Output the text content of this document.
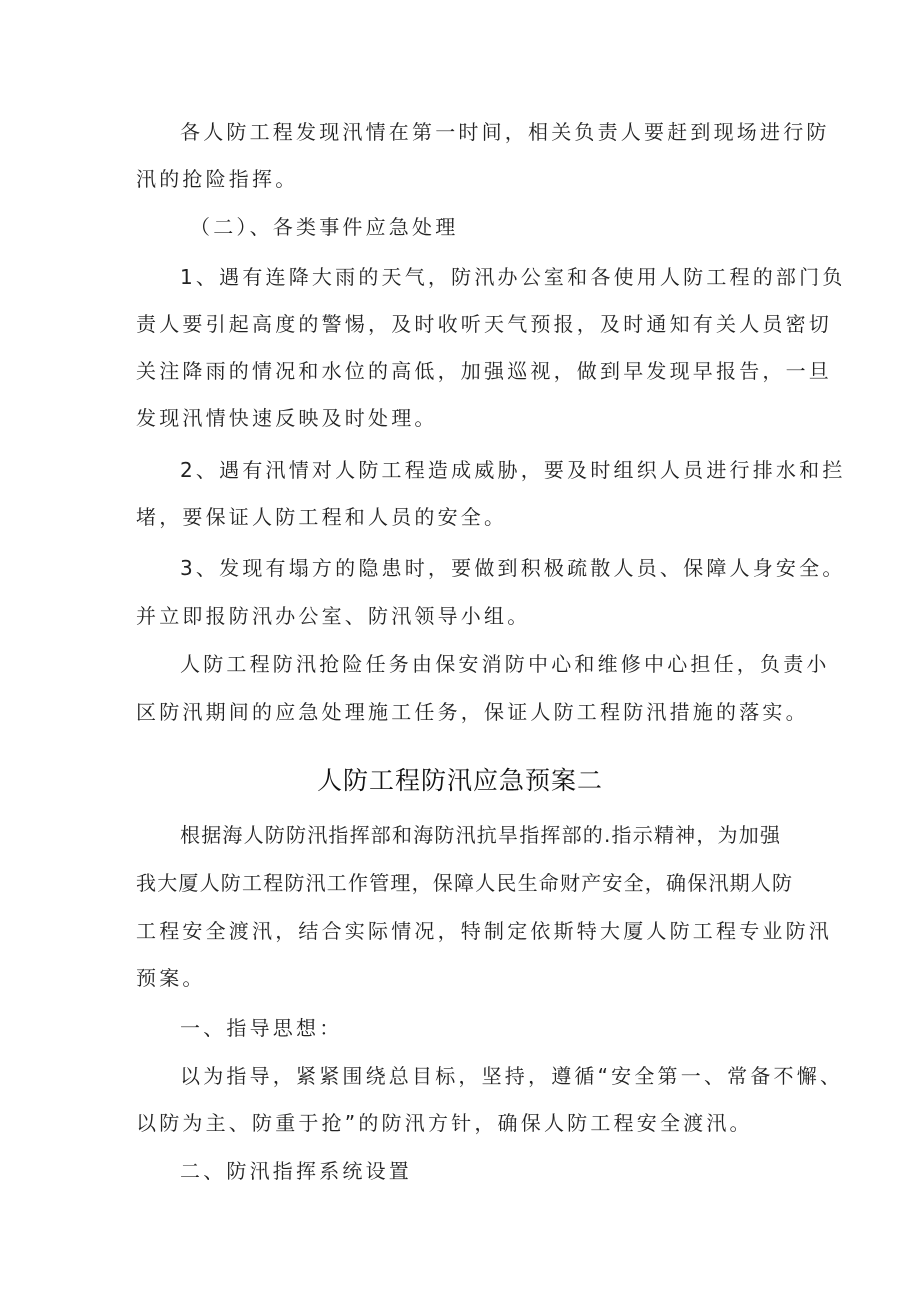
各人防工程发现汛情在第一时间，相关负责人要赶到现场进行防
汛的抢险指挥。
（二）、各类事件应急处理
1、遇有连降大雨的天气，防汛办公室和各使用人防工程的部门负
责人要引起高度的警惕，及时收听天气预报，及时通知有关人员密切
关注降雨的情况和水位的高低，加强巡视，做到早发现早报告，一旦
发现汛情快速反映及时处理。
2、遇有汛情对人防工程造成威胁，要及时组织人员进行排水和拦
堵，要保证人防工程和人员的安全。
3、发现有塌方的隐患时，要做到积极疏散人员、保障人身安全。
并立即报防汛办公室、防汛领导小组。
人防工程防汛抢险任务由保安消防中心和维修中心担任，负责小
区防汛期间的应急处理施工任务，保证人防工程防汛措施的落实。
人防工程防汛应急预案二
根据海人防防汛指挥部和海防汛抗旱指挥部的.指示精神，为加强
我大厦人防工程防汛工作管理，保障人民生命财产安全，确保汛期人防
工程安全渡汛，结合实际情况，特制定依斯特大厦人防工程专业防汛
预案。
一、指导思想：
以为指导，紧紧围绕总目标，坚持，遵循“安全第一、常备不懈、
以防为主、防重于抢”的防汛方针，确保人防工程安全渡汛。
二、防汛指挥系统设置
